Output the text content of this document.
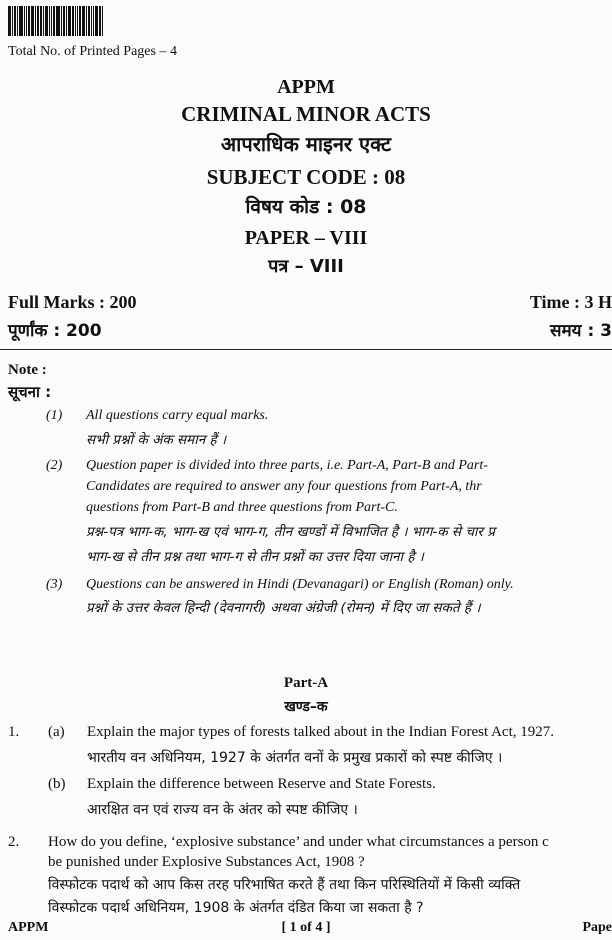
Total No. of Printed Pages – 4
APPM
CRIMINAL MINOR ACTS
आपराधिक माइनर एक्ट
SUBJECT CODE : 08
विषय कोड : 08
PAPER – VIII
पत्र – VIII
Full Marks : 200
पूर्णांक : 200
Time : 3 H
समय : 3
Note :
सूचना :
(1) All questions carry equal marks.
सभी प्रश्नों के अंक समान हैं ।
(2) Question paper is divided into three parts, i.e. Part-A, Part-B and Part-
Candidates are required to answer any four questions from Part-A, thr
questions from Part-B and three questions from Part-C.
प्रश्न-पत्र भाग-क, भाग-ख एवं भाग-ग, तीन खण्डों में विभाजित है । भाग-क से चार प्र
भाग-ख से तीन प्रश्न तथा भाग-ग से तीन प्रश्नों का उत्तर दिया जाना है ।
(3) Questions can be answered in Hindi (Devanagari) or English (Roman) only.
प्रश्नों के उत्तर केवल हिन्दी (देवनागरी) अथवा अंग्रेजी (रोमन) में दिए जा सकते हैं ।
Part-A
खण्ड–क
1. (a) Explain the major types of forests talked about in the Indian Forest Act, 1927.
भारतीय वन अधिनियम, 1927 के अंतर्गत वनों के प्रमुख प्रकारों को स्पष्ट कीजिए ।
(b) Explain the difference between Reserve and State Forests.
आरक्षित वन एवं राज्य वन के अंतर को स्पष्ट कीजिए ।
2. How do you define, ‘explosive substance’ and under what circumstances a person c
be punished under Explosive Substances Act, 1908 ?
विस्फोटक पदार्थ को आप किस तरह परिभाषित करते हैं तथा किन परिस्थितियों में किसी व्यक्ति
विस्फोटक पदार्थ अधिनियम, 1908 के अंतर्गत दंडित किया जा सकता है ?
APPM	[ 1 of 4 ]	Pape
